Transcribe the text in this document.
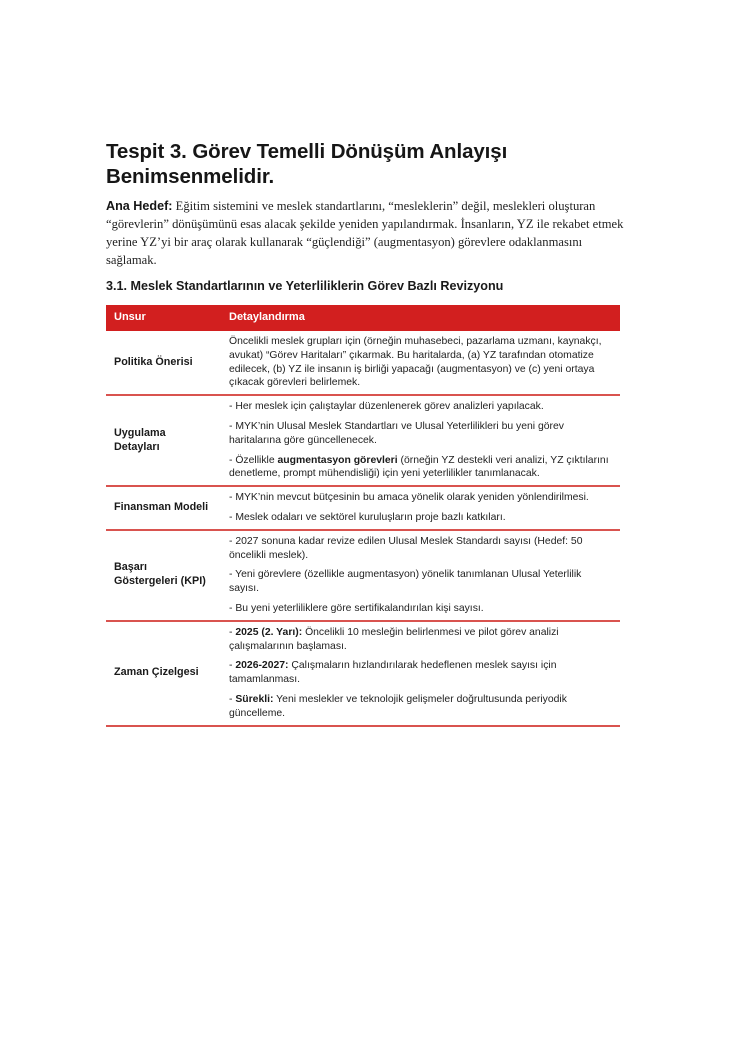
Tespit 3. Görev Temelli Dönüşüm Anlayışı Benimsenmelidir.

Ana Hedef: Eğitim sistemini ve meslek standartlarını, “mesleklerin” değil, meslekleri oluşturan “görevlerin” dönüşümünü esas alacak şekilde yeniden yapılandırmak. İnsanların, YZ ile rekabet etmek yerine YZ’yi bir araç olarak kullanarak “güçlendiği” (augmentasyon) görevlere odaklanmasını sağlamak.

3.1. Meslek Standartlarının ve Yeterliliklerin Görev Bazlı Revizyonu
Unsur	Detaylandırma
Politika Önerisi	Öncelikli meslek grupları için (örneğin muhasebeci, pazarlama uzmanı, kaynakçı, avukat) “Görev Haritaları” çıkarmak. Bu haritalarda, (a) YZ tarafından otomatize edilecek, (b) YZ ile insanın iş birliği yapacağı (augmentasyon) ve (c) yeni ortaya çıkacak görevleri belirlemek.

Uygulama Detayları	- Her meslek için çalıştaylar düzenlenerek görev analizleri yapılacak.

- MYK’nin Ulusal Meslek Standartları ve Ulusal Yeterlilikleri bu yeni görev haritalarına göre güncellenecek.

- Özellikle augmentasyon görevleri (örneğin YZ destekli veri analizi, YZ çıktılarını denetleme, prompt mühendisliği) için yeni yeterlilikler tanımlanacak.

Finansman Modeli	- MYK’nin mevcut bütçesinin bu amaca yönelik olarak yeniden yönlendirilmesi.

- Meslek odaları ve sektörel kuruluşların proje bazlı katkıları.

Başarı Göstergeleri (KPI)	- 2027 sonuna kadar revize edilen Ulusal Meslek Standardı sayısı (Hedef: 50 öncelikli meslek).

- Yeni görevlere (özellikle augmentasyon) yönelik tanımlanan Ulusal Yeterlilik sayısı.

- Bu yeni yeterliliklere göre sertifikalandırılan kişi sayısı.

Zaman Çizelgesi	- 2025 (2. Yarı): Öncelikli 10 mesleğin belirlenmesi ve pilot görev analizi çalışmalarının başlaması.

- 2026-2027: Çalışmaların hızlandırılarak hedeflenen meslek sayısı için tamamlanması.

- Sürekli: Yeni meslekler ve teknolojik gelişmeler doğrultusunda periyodik güncelleme.
